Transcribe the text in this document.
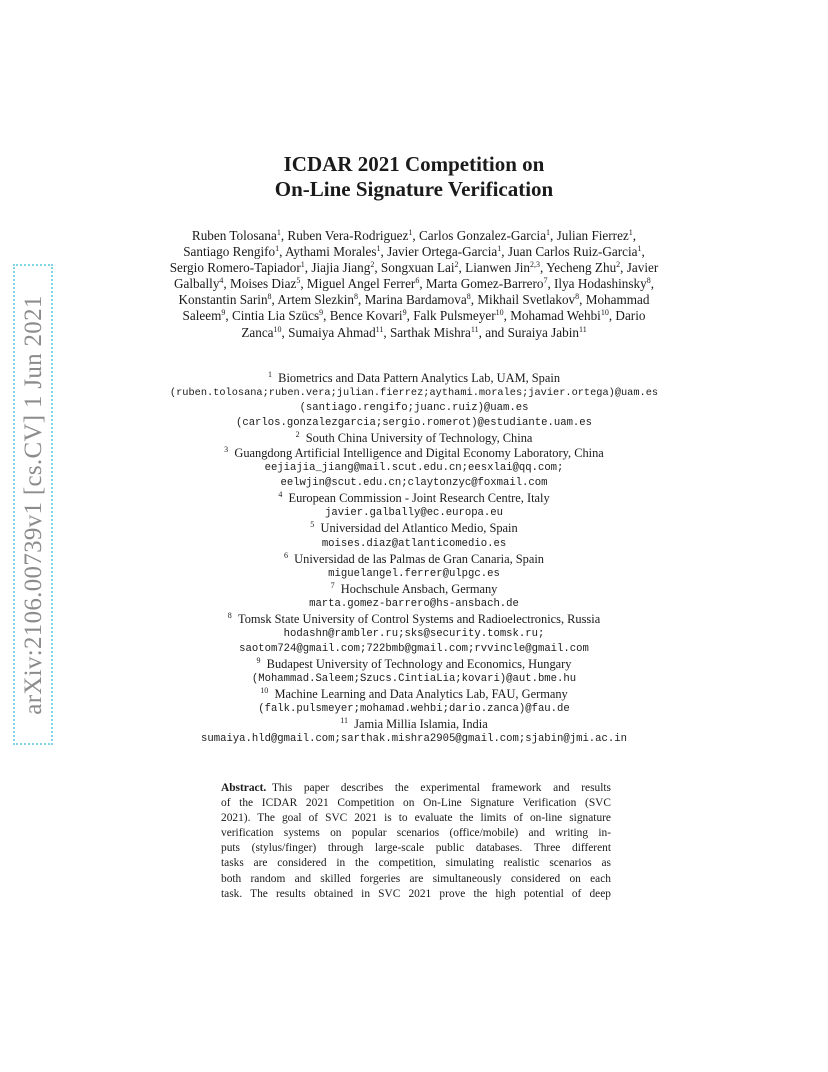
arXiv:2106.00739v1 [cs.CV] 1 Jun 2021
ICDAR 2021 Competition on
On-Line Signature Verification
Ruben Tolosana$^1$, Ruben Vera-Rodriguez$^1$, Carlos Gonzalez-Garcia$^1$, Julian Fierrez$^1$, Santiago Rengifo$^1$, Aythami Morales$^1$, Javier Ortega-Garcia$^1$, Juan Carlos Ruiz-Garcia$^1$, Sergio Romero-Tapiador$^1$, Jiajia Jiang$^2$, Songxuan Lai$^2$, Lianwen Jin$^{2,3}$, Yecheng Zhu$^2$, Javier Galbally$^4$, Moises Diaz$^5$, Miguel Angel Ferrer$^6$, Marta Gomez-Barrero$^7$, Ilya Hodashinsky$^8$, Konstantin Sarin$^8$, Artem Slezkin$^8$, Marina Bardamova$^8$, Mikhail Svetlakov$^8$, Mohammad Saleem$^9$, Cintia Lia Szücs$^9$, Bence Kovari$^9$, Falk Pulsmeyer$^{10}$, Mohamad Wehbi$^{10}$, Dario Zanca$^{10}$, Sumaiya Ahmad$^{11}$, Sarthak Mishra$^{11}$, and Suraiya Jabin$^{11}$
$^1$ Biometrics and Data Pattern Analytics Lab, UAM, Spain
(ruben.tolosana;ruben.vera;julian.fierrez;aythami.morales;javier.ortega)@uam.es
(santiago.rengifo;juanc.ruiz)@uam.es
(carlos.gonzalezgarcia;sergio.romerot)@estudiante.uam.es
$^2$ South China University of Technology, China
$^3$ Guangdong Artificial Intelligence and Digital Economy Laboratory, China
eejiajia_jiang@mail.scut.edu.cn;eesxlai@qq.com;
eelwjin@scut.edu.cn;claytonzyc@foxmail.com
$^4$ European Commission - Joint Research Centre, Italy
javier.galbally@ec.europa.eu
$^5$ Universidad del Atlantico Medio, Spain
moises.diaz@atlanticomedio.es
$^6$ Universidad de las Palmas de Gran Canaria, Spain
miguelangel.ferrer@ulpgc.es
$^7$ Hochschule Ansbach, Germany
marta.gomez-barrero@hs-ansbach.de
$^8$ Tomsk State University of Control Systems and Radioelectronics, Russia
hodashn@rambler.ru;sks@security.tomsk.ru;
saotom724@gmail.com;722bmb@gmail.com;rvvincle@gmail.com
$^9$ Budapest University of Technology and Economics, Hungary
(Mohammad.Saleem;Szucs.CintiaLia;kovari)@aut.bme.hu
$^{10}$ Machine Learning and Data Analytics Lab, FAU, Germany
(falk.pulsmeyer;mohamad.wehbi;dario.zanca)@fau.de
$^{11}$ Jamia Millia Islamia, India
sumaiya.hld@gmail.com;sarthak.mishra2905@gmail.com;sjabin@jmi.ac.in
Abstract. This paper describes the experimental framework and results
of the ICDAR 2021 Competition on On-Line Signature Verification (SVC
2021). The goal of SVC 2021 is to evaluate the limits of on-line signature
verification systems on popular scenarios (office/mobile) and writing in-
puts (stylus/finger) through large-scale public databases. Three different
tasks are considered in the competition, simulating realistic scenarios as
both random and skilled forgeries are simultaneously considered on each
task. The results obtained in SVC 2021 prove the high potential of deep
